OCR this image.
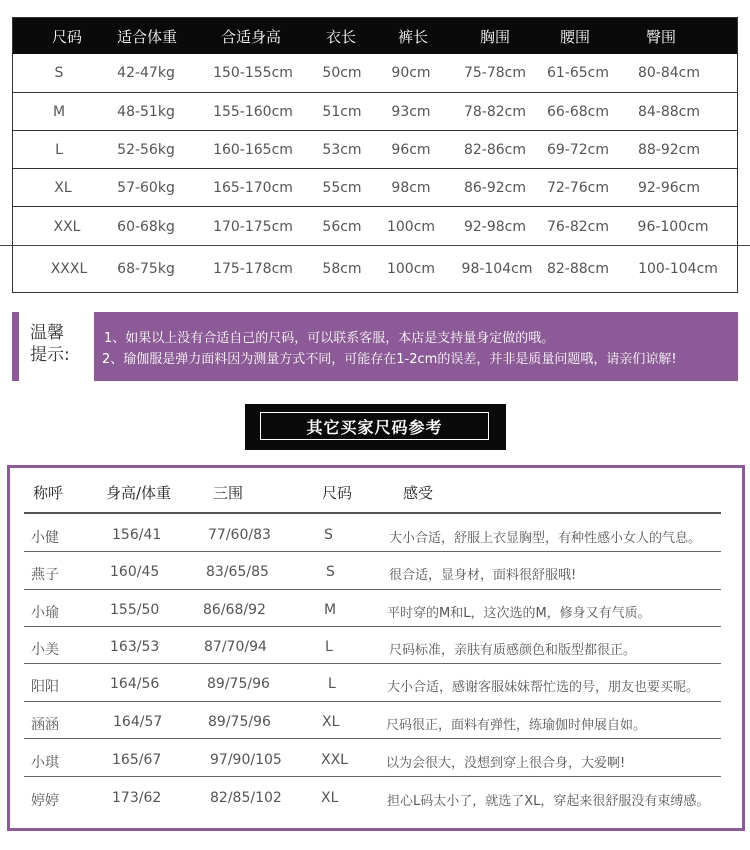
尺码	适合体重	合适身高	衣长	裤长	胸围	腰围	臀围
S	42-47kg	150-155cm	50cm	90cm	75-78cm	61-65cm	80-84cm
M	48-51kg	155-160cm	51cm	93cm	78-82cm	66-68cm	84-88cm
L	52-56kg	160-165cm	53cm	96cm	82-86cm	69-72cm	88-92cm
XL	57-60kg	165-170cm	55cm	98cm	86-92cm	72-76cm	92-96cm
XXL	60-68kg	170-175cm	56cm	100cm	92-98cm	76-82cm	96-100cm
XXXL	68-75kg	175-178cm	58cm	100cm 98-104cm 82-88cm	100-104cm
温馨
提示:
1、如果以上没有合适自己的尺码，可以联系客服，本店是支持量身定做的哦。
2、瑜伽服是弹力面料因为测量方式不同，可能存在1-2cm的误差，并非是质量问题哦，请亲们谅解!
其它买家尺码参考
称呼	身高/体重	三围	尺码	感受
小健	156/41	77/60/83	S	大小合适，舒服上衣显胸型，有种性感小女人的气息。
燕子	160/45	83/65/85	S	很合适，显身材，面料很舒服哦!
小瑜	155/50	86/68/92	M	平时穿的M和L，这次选的M，修身又有气质。
小美	163/53	87/70/94	L	尺码标准，亲肤有质感颜色和版型都很正。
阳阳	164/56	89/75/96	L	大小合适，感谢客服妹妹帮忙选的号，朋友也要买呢。
涵涵	164/57	89/75/96	XL	尺码很正，面料有弹性，练瑜伽时伸展自如。
小琪	165/67	97/90/105	XXL	以为会很大，没想到穿上很合身，大爱啊!
婷婷	173/62	82/85/102	XL	担心L码太小了，就选了XL，穿起来很舒服没有束缚感。
